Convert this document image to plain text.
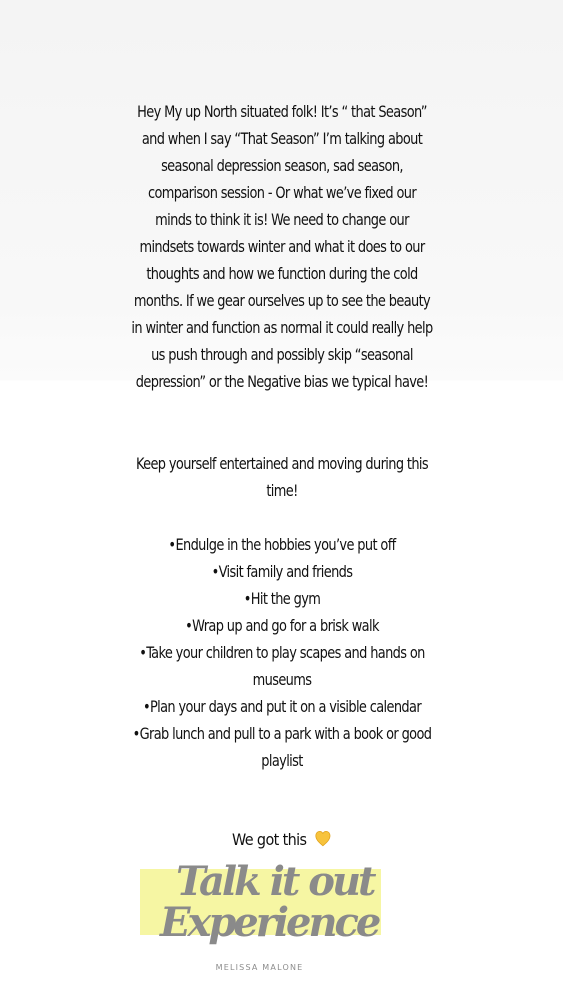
Hey My up North situated folk! It’s “ that Season” and when I say “That Season” I’m talking about seasonal depression season, sad season, comparison session - Or what we’ve fixed our minds to think it is! We need to change our mindsets towards winter and what it does to our thoughts and how we function during the cold months. If we gear ourselves up to see the beauty in winter and function as normal it could really help us push through and possibly skip “seasonal depression” or the Negative bias we typical have!
Keep yourself entertained and moving during this time!
•Endulge in the hobbies you’ve put off
•Visit family and friends
•Hit the gym
•Wrap up and go for a brisk walk
•Take your children to play scapes and hands on museums
•Plan your days and put it on a visible calendar
•Grab lunch and pull to a park with a book or good playlist
We got this
Talk it out
Experience
MELISSA MALONE
